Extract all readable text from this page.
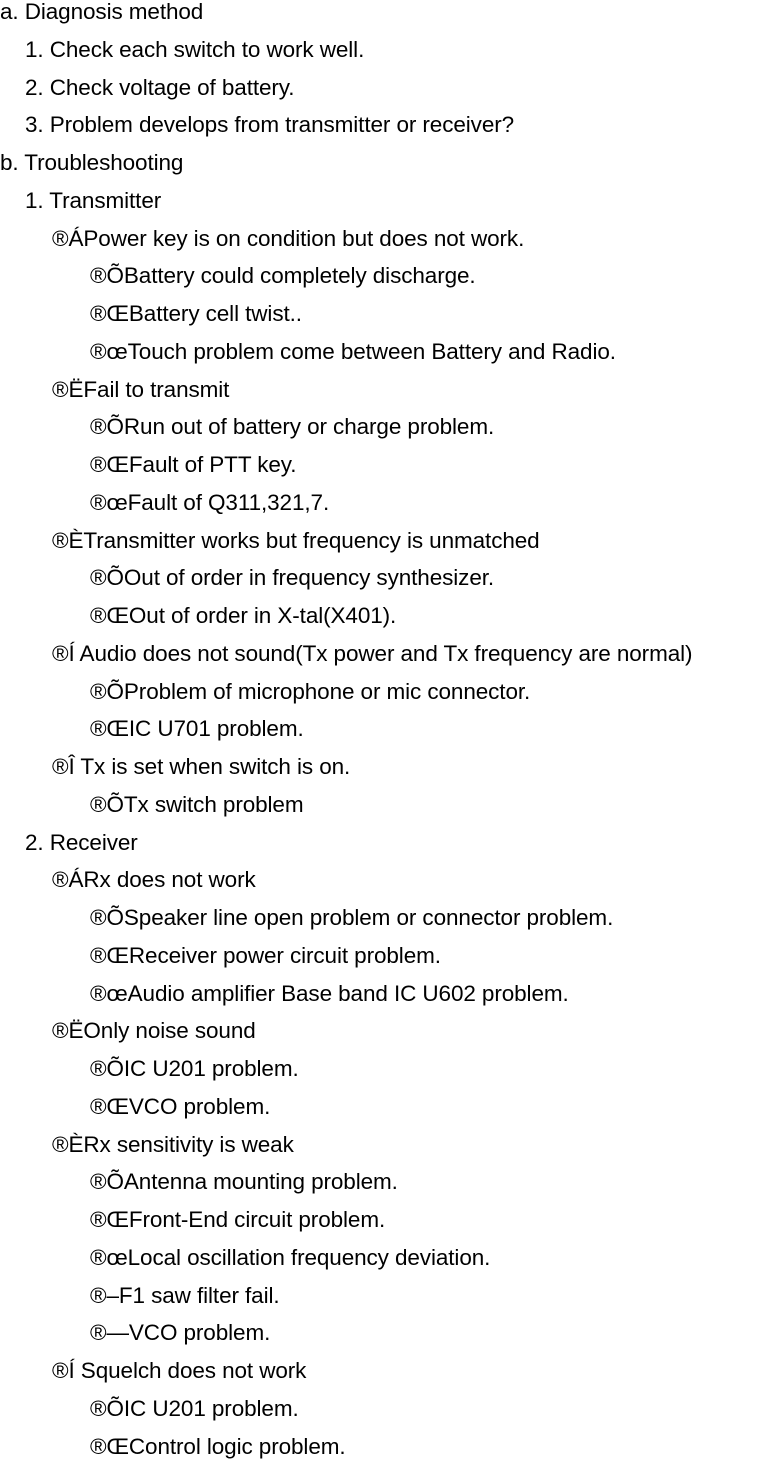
a. Diagnosis method
1. Check each switch to work well.
2. Check voltage of battery.
3. Problem develops from transmitter or receiver?
b. Troubleshooting
1. Transmitter
®ÁPower key is on condition but does not work.
®ÕBattery could completely discharge.
®ŒBattery cell twist..
®œTouch problem come between Battery and Radio.
®ËFail to transmit
®ÕRun out of battery or charge problem.
®ŒFault of PTT key.
®œFault of Q311,321,7.
®ÈTransmitter works but frequency is unmatched
®ÕOut of order in frequency synthesizer.
®ŒOut of order in X-tal(X401).
®Í Audio does not sound(Tx power and Tx frequency are normal)
®ÕProblem of microphone or mic connector.
®ŒIC U701 problem.
®Î Tx is set when switch is on.
®ÕTx switch problem
2. Receiver
®ÁRx does not work
®ÕSpeaker line open problem or connector problem.
®ŒReceiver power circuit problem.
®œAudio amplifier Base band IC U602 problem.
®ËOnly noise sound
®ÕIC U201 problem.
®ŒVCO problem.
®ÈRx sensitivity is weak
®ÕAntenna mounting problem.
®ŒFront-End circuit problem.
®œLocal oscillation frequency deviation.
®–F1 saw filter fail.
®—VCO problem.
®Í Squelch does not work
®ÕIC U201 problem.
®ŒControl logic problem.
